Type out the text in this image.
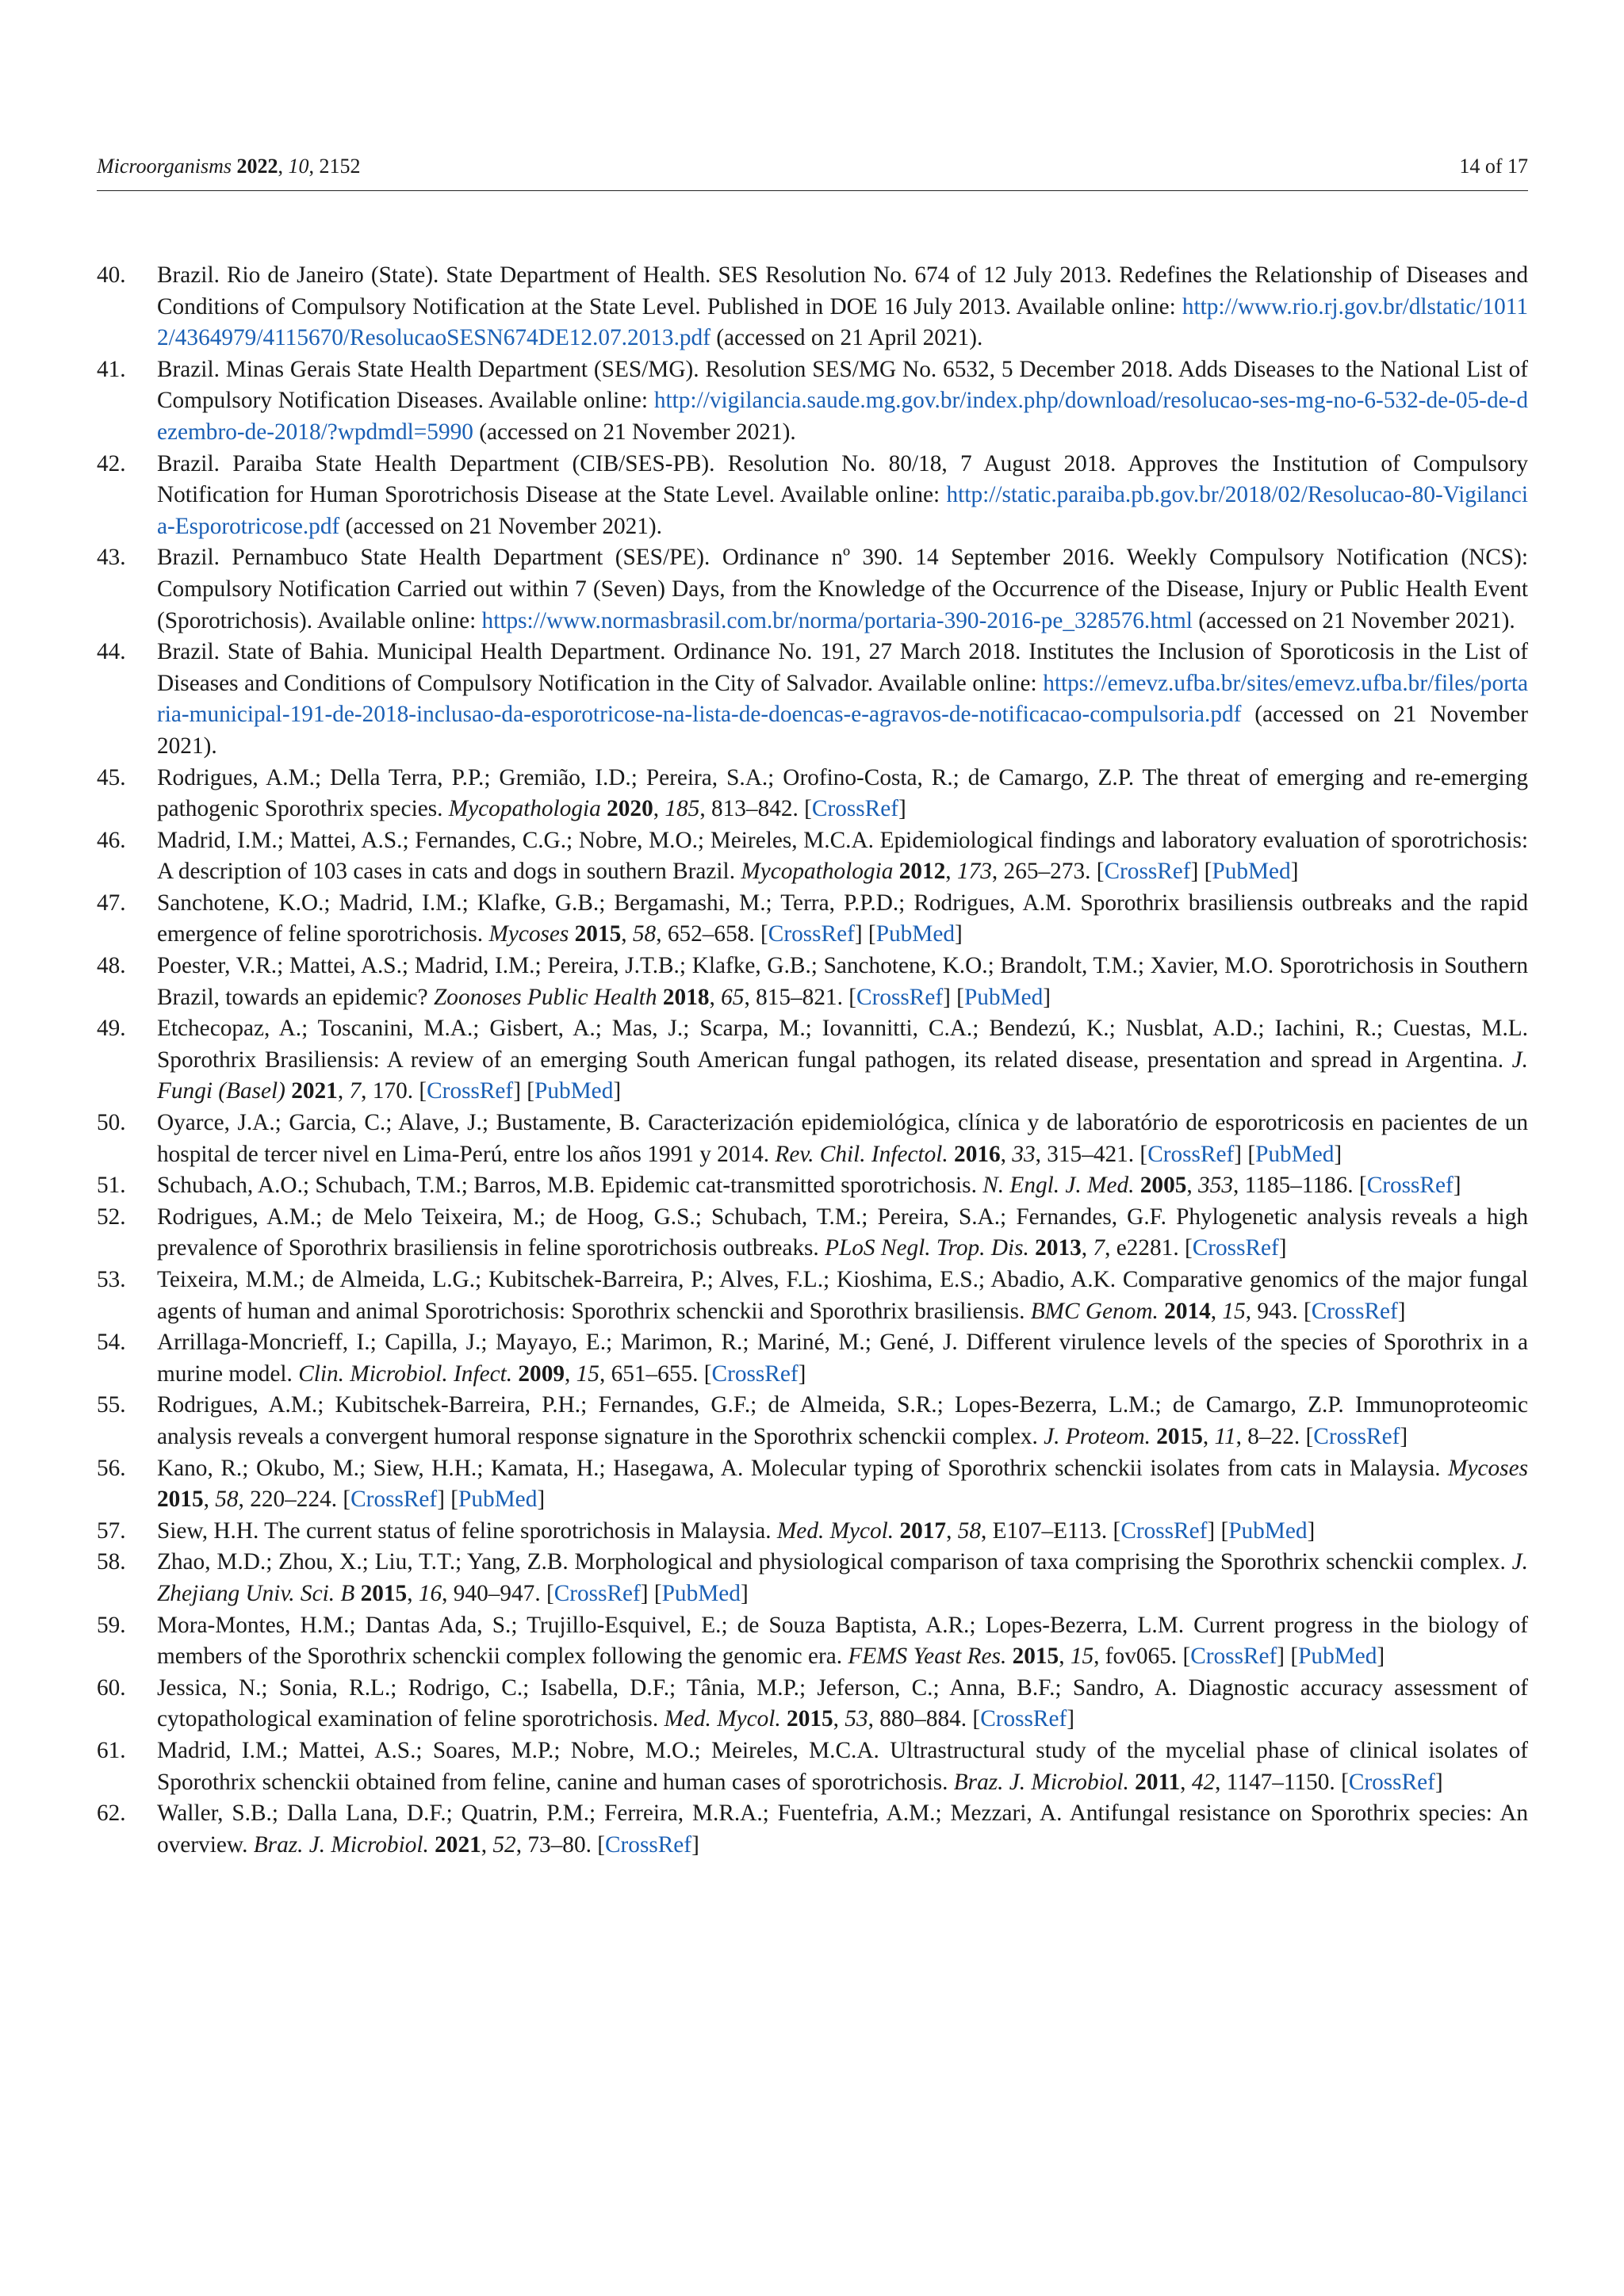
Microorganisms 2022, 10, 2152	14 of 17
40. Brazil. Rio de Janeiro (State). State Department of Health. SES Resolution No. 674 of 12 July 2013. Redefines the Relationship of Diseases and Conditions of Compulsory Notification at the State Level. Published in DOE 16 July 2013. Available online: http://www.rio.rj.gov.br/dlstatic/10112/4364979/4115670/ResolucaoSESN674DE12.07.2013.pdf (accessed on 21 April 2021).
41. Brazil. Minas Gerais State Health Department (SES/MG). Resolution SES/MG No. 6532, 5 December 2018. Adds Diseases to the National List of Compulsory Notification Diseases. Available online: http://vigilancia.saude.mg.gov.br/index.php/download/resolucao-ses-mg-no-6-532-de-05-de-dezembro-de-2018/?wpdmdl=5990 (accessed on 21 November 2021).
42. Brazil. Paraiba State Health Department (CIB/SES-PB). Resolution No. 80/18, 7 August 2018. Approves the Institution of Compulsory Notification for Human Sporotrichosis Disease at the State Level. Available online: http://static.paraiba.pb.gov.br/2018/02/Resolucao-80-Vigilancia-Esporotricose.pdf (accessed on 21 November 2021).
43. Brazil. Pernambuco State Health Department (SES/PE). Ordinance nº 390. 14 September 2016. Weekly Compulsory Notification (NCS): Compulsory Notification Carried out within 7 (Seven) Days, from the Knowledge of the Occurrence of the Disease, Injury or Public Health Event (Sporotrichosis). Available online: https://www.normasbrasil.com.br/norma/portaria-390-2016-pe_328576.html (accessed on 21 November 2021).
44. Brazil. State of Bahia. Municipal Health Department. Ordinance No. 191, 27 March 2018. Institutes the Inclusion of Sporoticosis in the List of Diseases and Conditions of Compulsory Notification in the City of Salvador. Available online: https://emevz.ufba.br/sites/emevz.ufba.br/files/portaria-municipal-191-de-2018-inclusao-da-esporotricose-na-lista-de-doencas-e-agravos-de-notificacao-compulsoria.pdf (accessed on 21 November 2021).
45. Rodrigues, A.M.; Della Terra, P.P.; Gremião, I.D.; Pereira, S.A.; Orofino-Costa, R.; de Camargo, Z.P. The threat of emerging and re-emerging pathogenic Sporothrix species. Mycopathologia 2020, 185, 813–842. [CrossRef]
46. Madrid, I.M.; Mattei, A.S.; Fernandes, C.G.; Nobre, M.O.; Meireles, M.C.A. Epidemiological findings and laboratory evaluation of sporotrichosis: A description of 103 cases in cats and dogs in southern Brazil. Mycopathologia 2012, 173, 265–273. [CrossRef] [PubMed]
47. Sanchotene, K.O.; Madrid, I.M.; Klafke, G.B.; Bergamashi, M.; Terra, P.P.D.; Rodrigues, A.M. Sporothrix brasiliensis outbreaks and the rapid emergence of feline sporotrichosis. Mycoses 2015, 58, 652–658. [CrossRef] [PubMed]
48. Poester, V.R.; Mattei, A.S.; Madrid, I.M.; Pereira, J.T.B.; Klafke, G.B.; Sanchotene, K.O.; Brandolt, T.M.; Xavier, M.O. Sporotrichosis in Southern Brazil, towards an epidemic? Zoonoses Public Health 2018, 65, 815–821. [CrossRef] [PubMed]
49. Etchecopaz, A.; Toscanini, M.A.; Gisbert, A.; Mas, J.; Scarpa, M.; Iovannitti, C.A.; Bendezú, K.; Nusblat, A.D.; Iachini, R.; Cuestas, M.L. Sporothrix Brasiliensis: A review of an emerging South American fungal pathogen, its related disease, presentation and spread in Argentina. J. Fungi (Basel) 2021, 7, 170. [CrossRef] [PubMed]
50. Oyarce, J.A.; Garcia, C.; Alave, J.; Bustamente, B. Caracterización epidemiológica, clínica y de laboratório de esporotricosis en pacientes de un hospital de tercer nivel en Lima-Perú, entre los años 1991 y 2014. Rev. Chil. Infectol. 2016, 33, 315–421. [CrossRef] [PubMed]
51. Schubach, A.O.; Schubach, T.M.; Barros, M.B. Epidemic cat-transmitted sporotrichosis. N. Engl. J. Med. 2005, 353, 1185–1186. [CrossRef]
52. Rodrigues, A.M.; de Melo Teixeira, M.; de Hoog, G.S.; Schubach, T.M.; Pereira, S.A.; Fernandes, G.F. Phylogenetic analysis reveals a high prevalence of Sporothrix brasiliensis in feline sporotrichosis outbreaks. PLoS Negl. Trop. Dis. 2013, 7, e2281. [CrossRef]
53. Teixeira, M.M.; de Almeida, L.G.; Kubitschek-Barreira, P.; Alves, F.L.; Kioshima, E.S.; Abadio, A.K. Comparative genomics of the major fungal agents of human and animal Sporotrichosis: Sporothrix schenckii and Sporothrix brasiliensis. BMC Genom. 2014, 15, 943. [CrossRef]
54. Arrillaga-Moncrieff, I.; Capilla, J.; Mayayo, E.; Marimon, R.; Mariné, M.; Gené, J. Different virulence levels of the species of Sporothrix in a murine model. Clin. Microbiol. Infect. 2009, 15, 651–655. [CrossRef]
55. Rodrigues, A.M.; Kubitschek-Barreira, P.H.; Fernandes, G.F.; de Almeida, S.R.; Lopes-Bezerra, L.M.; de Camargo, Z.P. Immunoproteomic analysis reveals a convergent humoral response signature in the Sporothrix schenckii complex. J. Proteom. 2015, 11, 8–22. [CrossRef]
56. Kano, R.; Okubo, M.; Siew, H.H.; Kamata, H.; Hasegawa, A. Molecular typing of Sporothrix schenckii isolates from cats in Malaysia. Mycoses 2015, 58, 220–224. [CrossRef] [PubMed]
57. Siew, H.H. The current status of feline sporotrichosis in Malaysia. Med. Mycol. 2017, 58, E107–E113. [CrossRef] [PubMed]
58. Zhao, M.D.; Zhou, X.; Liu, T.T.; Yang, Z.B. Morphological and physiological comparison of taxa comprising the Sporothrix schenckii complex. J. Zhejiang Univ. Sci. B 2015, 16, 940–947. [CrossRef] [PubMed]
59. Mora-Montes, H.M.; Dantas Ada, S.; Trujillo-Esquivel, E.; de Souza Baptista, A.R.; Lopes-Bezerra, L.M. Current progress in the biology of members of the Sporothrix schenckii complex following the genomic era. FEMS Yeast Res. 2015, 15, fov065. [CrossRef] [PubMed]
60. Jessica, N.; Sonia, R.L.; Rodrigo, C.; Isabella, D.F.; Tânia, M.P.; Jeferson, C.; Anna, B.F.; Sandro, A. Diagnostic accuracy assessment of cytopathological examination of feline sporotrichosis. Med. Mycol. 2015, 53, 880–884. [CrossRef]
61. Madrid, I.M.; Mattei, A.S.; Soares, M.P.; Nobre, M.O.; Meireles, M.C.A. Ultrastructural study of the mycelial phase of clinical isolates of Sporothrix schenckii obtained from feline, canine and human cases of sporotrichosis. Braz. J. Microbiol. 2011, 42, 1147–1150. [CrossRef]
62. Waller, S.B.; Dalla Lana, D.F.; Quatrin, P.M.; Ferreira, M.R.A.; Fuentefria, A.M.; Mezzari, A. Antifungal resistance on Sporothrix species: An overview. Braz. J. Microbiol. 2021, 52, 73–80. [CrossRef]
